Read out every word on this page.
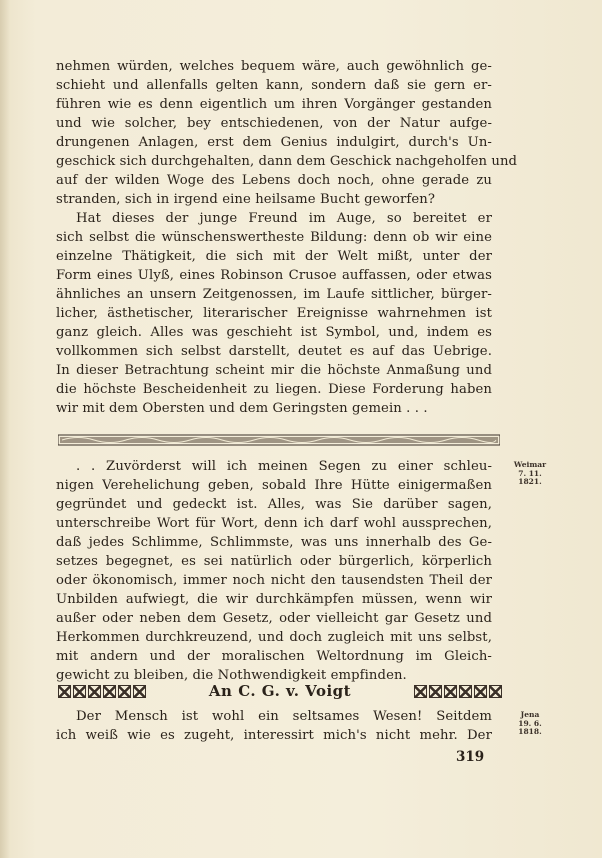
nehmen würden, welches bequem wäre, auch gewöhnlich ge-
schieht und allenfalls gelten kann, sondern daß sie gern er-
führen wie es denn eigentlich um ihren Vorgänger gestanden
und wie solcher, bey entschiedenen, von der Natur aufge-
drungenen Anlagen, erst dem Genius indulgirt, durch's Un-
geschick sich durchgehalten, dann dem Geschick nachgeholfen und
auf der wilden Woge des Lebens doch noch, ohne gerade zu
stranden, sich in irgend eine heilsame Bucht geworfen?
Hat dieses der junge Freund im Auge, so bereitet er
sich selbst die wünschenswertheste Bildung: denn ob wir eine
einzelne Thätigkeit, die sich mit der Welt mißt, unter der
Form eines Ulyß, eines Robinson Crusoe auffassen, oder etwas
ähnliches an unsern Zeitgenossen, im Laufe sittlicher, bürger-
licher, ästhetischer, literarischer Ereignisse wahrnehmen ist
ganz gleich. Alles was geschieht ist Symbol, und, indem es
vollkommen sich selbst darstellt, deutet es auf das Uebrige.
In dieser Betrachtung scheint mir die höchste Anmaßung und
die höchste Bescheidenheit zu liegen. Diese Forderung haben
wir mit dem Obersten und dem Geringsten gemein . . .
. . Zuvörderst will ich meinen Segen zu einer schleu-
nigen Verehelichung geben, sobald Ihre Hütte einigermaßen
gegründet und gedeckt ist. Alles, was Sie darüber sagen,
unterschreibe Wort für Wort, denn ich darf wohl aussprechen,
daß jedes Schlimme, Schlimmste, was uns innerhalb des Ge-
setzes begegnet, es sei natürlich oder bürgerlich, körperlich
oder ökonomisch, immer noch nicht den tausendsten Theil der
Unbilden aufwiegt, die wir durchkämpfen müssen, wenn wir
außer oder neben dem Gesetz, oder vielleicht gar Gesetz und
Herkommen durchkreuzend, und doch zugleich mit uns selbst,
mit andern und der moralischen Weltordnung im Gleich-
gewicht zu bleiben, die Nothwendigkeit empfinden.
Weimar
7. 11.
1821.
An C. G. v. Voigt
Der Mensch ist wohl ein seltsames Wesen! Seitdem
ich weiß wie es zugeht, interessirt mich's nicht mehr. Der
Jena
19. 6.
1818.
319
